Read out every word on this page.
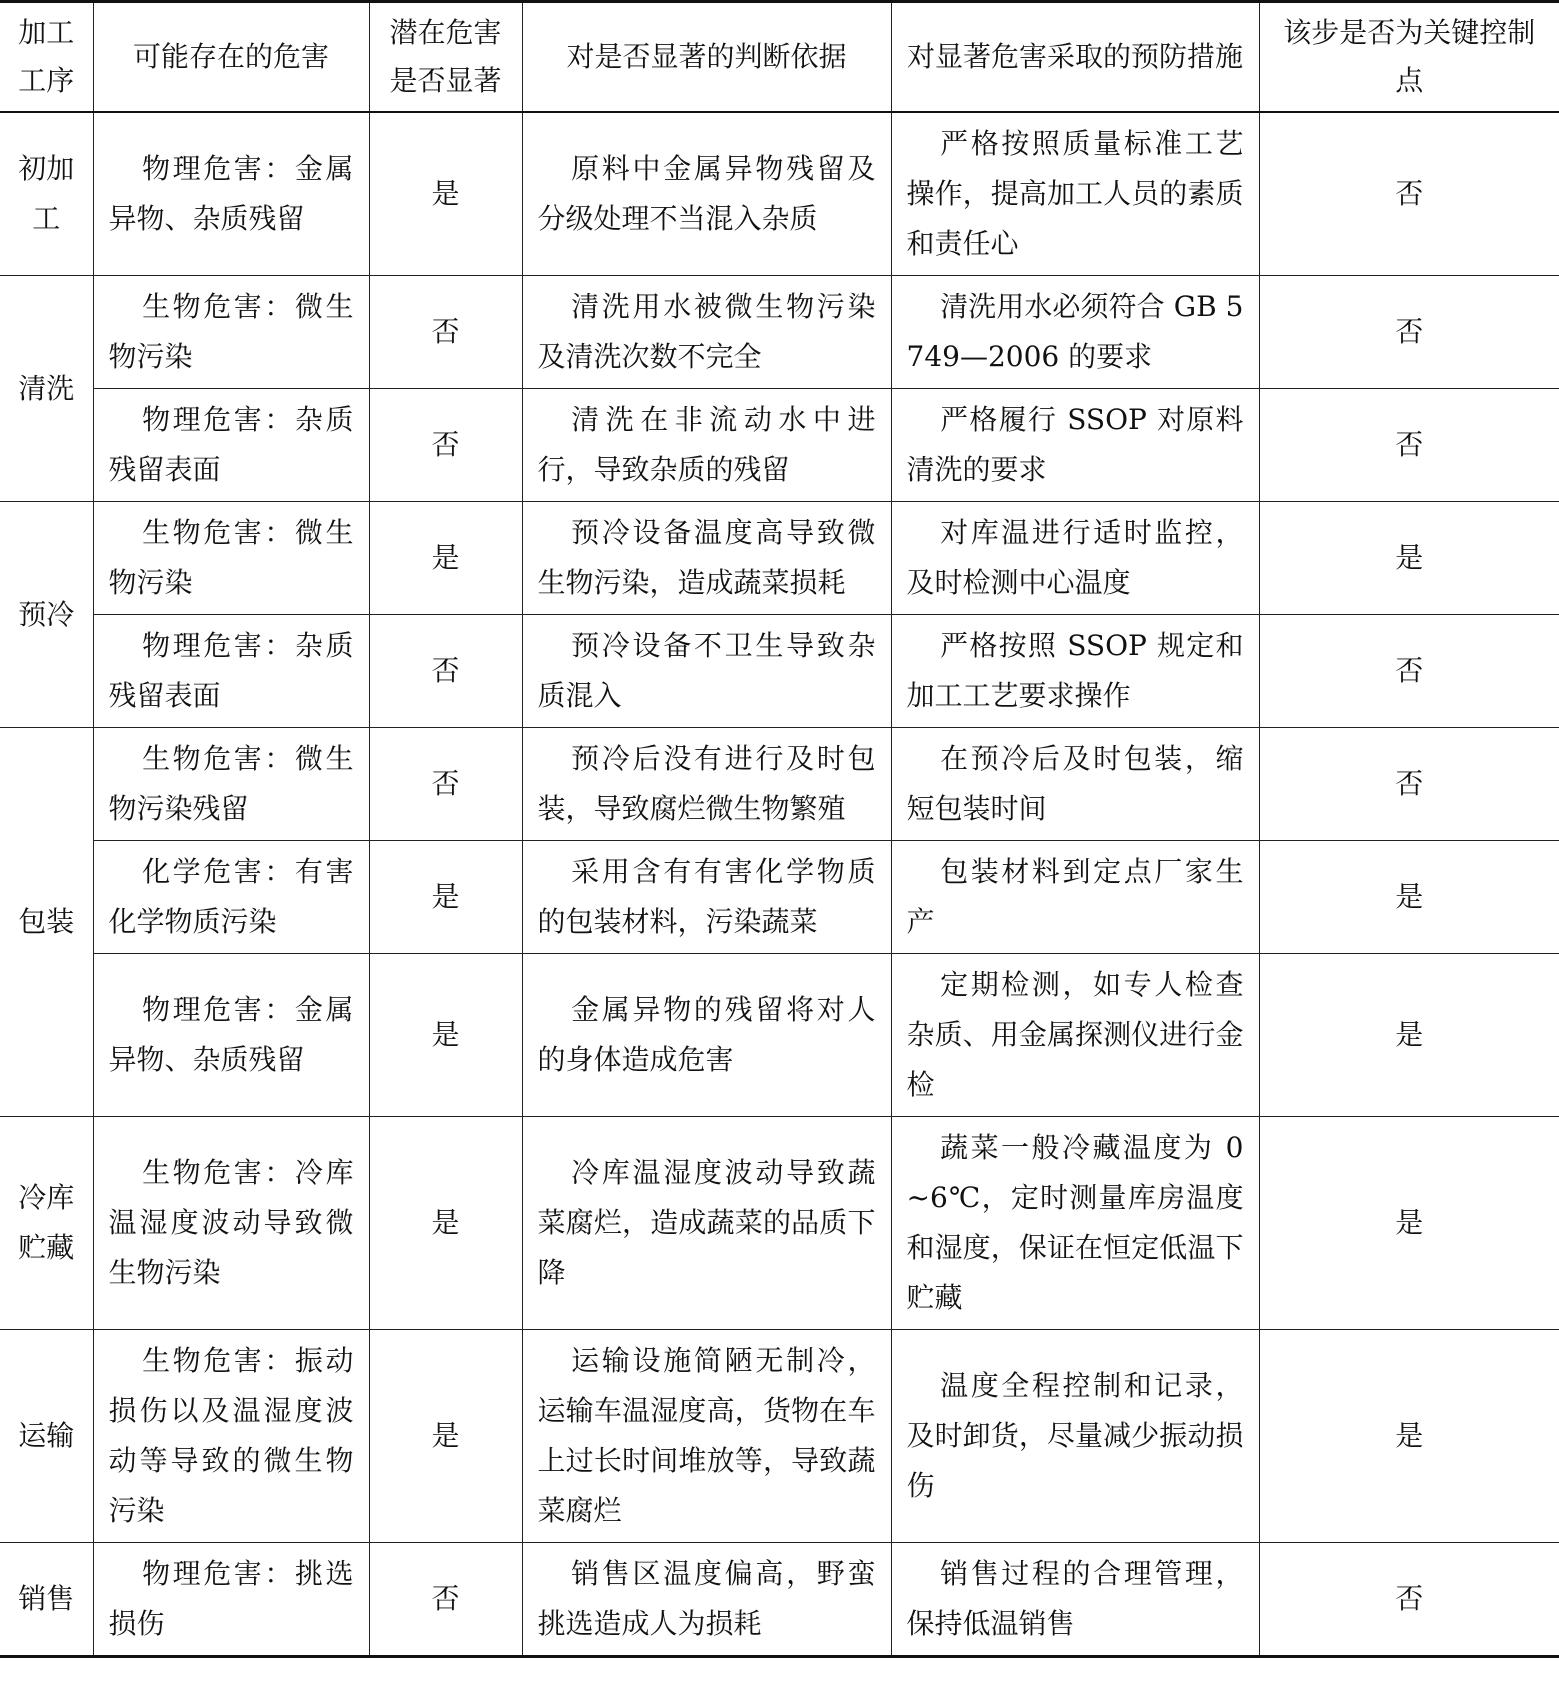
加工工序	可能存在的危害	潜在危害是否显著	对是否显著的判断依据	对显著危害采取的预防措施	该步是否为关键控制点
初加工	物理危害：金属异物、杂质残留	是	原料中金属异物残留及分级处理不当混入杂质	严格按照质量标准工艺操作，提高加工人员的素质和责任心	否
清洗	生物危害：微生物污染	否	清洗用水被微生物污染及清洗次数不完全	清洗用水必须符合 GB 5749—2006 的要求	否
	物理危害：杂质残留表面	否	清洗在非流动水中进行，导致杂质的残留	严格履行 SSOP 对原料清洗的要求	否
预冷	生物危害：微生物污染	是	预冷设备温度高导致微生物污染，造成蔬菜损耗	对库温进行适时监控，及时检测中心温度	是
	物理危害：杂质残留表面	否	预冷设备不卫生导致杂质混入	严格按照 SSOP 规定和加工工艺要求操作	否
包装	生物危害：微生物污染残留	否	预冷后没有进行及时包装，导致腐烂微生物繁殖	在预冷后及时包装，缩短包装时间	否
	化学危害：有害化学物质污染	是	采用含有有害化学物质的包装材料，污染蔬菜	包装材料到定点厂家生产	是
	物理危害：金属异物、杂质残留	是	金属异物的残留将对人的身体造成危害	定期检测，如专人检查杂质、用金属探测仪进行金检	是
冷库贮藏	生物危害：冷库温湿度波动导致微生物污染	是	冷库温湿度波动导致蔬菜腐烂，造成蔬菜的品质下降	蔬菜一般冷藏温度为 0 ~6℃，定时测量库房温度和湿度，保证在恒定低温下贮藏	是
运输	生物危害：振动损伤以及温湿度波动等导致的微生物污染	是	运输设施简陋无制冷，运输车温湿度高，货物在车上过长时间堆放等，导致蔬菜腐烂	温度全程控制和记录，及时卸货，尽量减少振动损伤	是
销售	物理危害：挑选损伤	否	销售区温度偏高，野蛮挑选造成人为损耗	销售过程的合理管理，保持低温销售	否
